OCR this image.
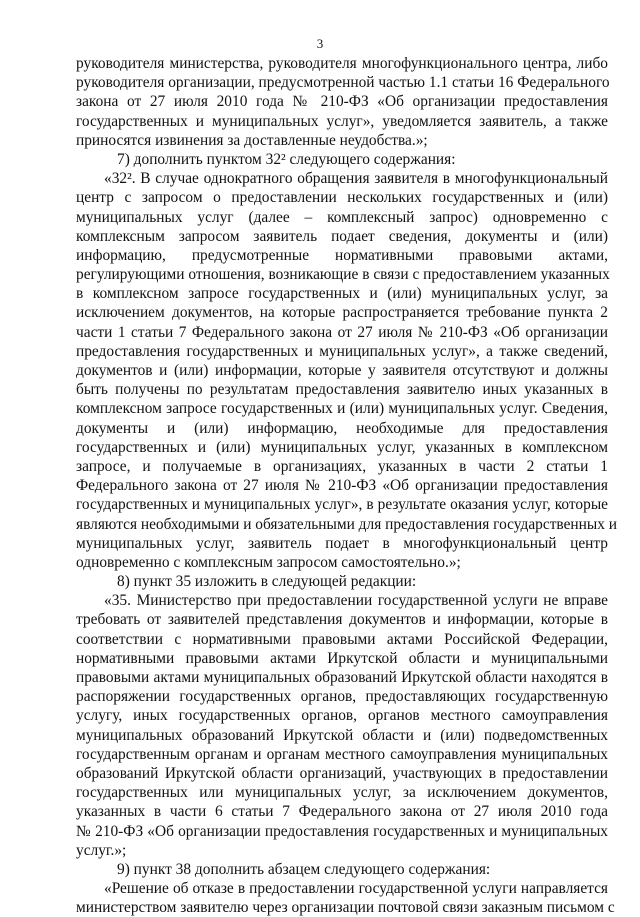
3
руководителя министерства, руководителя многофункционального центра, либо
руководителя организации, предусмотренной частью 1.1 статьи 16 Федерального
закона от 27 июля 2010 года № 210-ФЗ «Об организации предоставления
государственных и муниципальных услуг», уведомляется заявитель, а также
приносятся извинения за доставленные неудобства.»;
7) дополнить пунктом 32² следующего содержания:
«32². В случае однократного обращения заявителя в многофункциональный
центр с запросом о предоставлении нескольких государственных и (или)
муниципальных услуг (далее – комплексный запрос) одновременно с
комплексным запросом заявитель подает сведения, документы и (или)
информацию, предусмотренные нормативными правовыми актами,
регулирующими отношения, возникающие в связи с предоставлением указанных
в комплексном запросе государственных и (или) муниципальных услуг, за
исключением документов, на которые распространяется требование пункта 2
части 1 статьи 7 Федерального закона от 27 июля № 210-ФЗ «Об организации
предоставления государственных и муниципальных услуг», а также сведений,
документов и (или) информации, которые у заявителя отсутствуют и должны
быть получены по результатам предоставления заявителю иных указанных в
комплексном запросе государственных и (или) муниципальных услуг. Сведения,
документы и (или) информацию, необходимые для предоставления
государственных и (или) муниципальных услуг, указанных в комплексном
запросе, и получаемые в организациях, указанных в части 2 статьи 1
Федерального закона от 27 июля № 210-ФЗ «Об организации предоставления
государственных и муниципальных услуг», в результате оказания услуг, которые
являются необходимыми и обязательными для предоставления государственных и
муниципальных услуг, заявитель подает в многофункциональный центр
одновременно с комплексным запросом самостоятельно.»;
8) пункт 35 изложить в следующей редакции:
«35. Министерство при предоставлении государственной услуги не вправе
требовать от заявителей представления документов и информации, которые в
соответствии с нормативными правовыми актами Российской Федерации,
нормативными правовыми актами Иркутской области и муниципальными
правовыми актами муниципальных образований Иркутской области находятся в
распоряжении государственных органов, предоставляющих государственную
услугу, иных государственных органов, органов местного самоуправления
муниципальных образований Иркутской области и (или) подведомственных
государственным органам и органам местного самоуправления муниципальных
образований Иркутской области организаций, участвующих в предоставлении
государственных или муниципальных услуг, за исключением документов,
указанных в части 6 статьи 7 Федерального закона от 27 июля 2010 года
№ 210-ФЗ «Об организации предоставления государственных и муниципальных
услуг.»;
9) пункт 38 дополнить абзацем следующего содержания:
«Решение об отказе в предоставлении государственной услуги направляется
министерством заявителю через организации почтовой связи заказным письмом с
